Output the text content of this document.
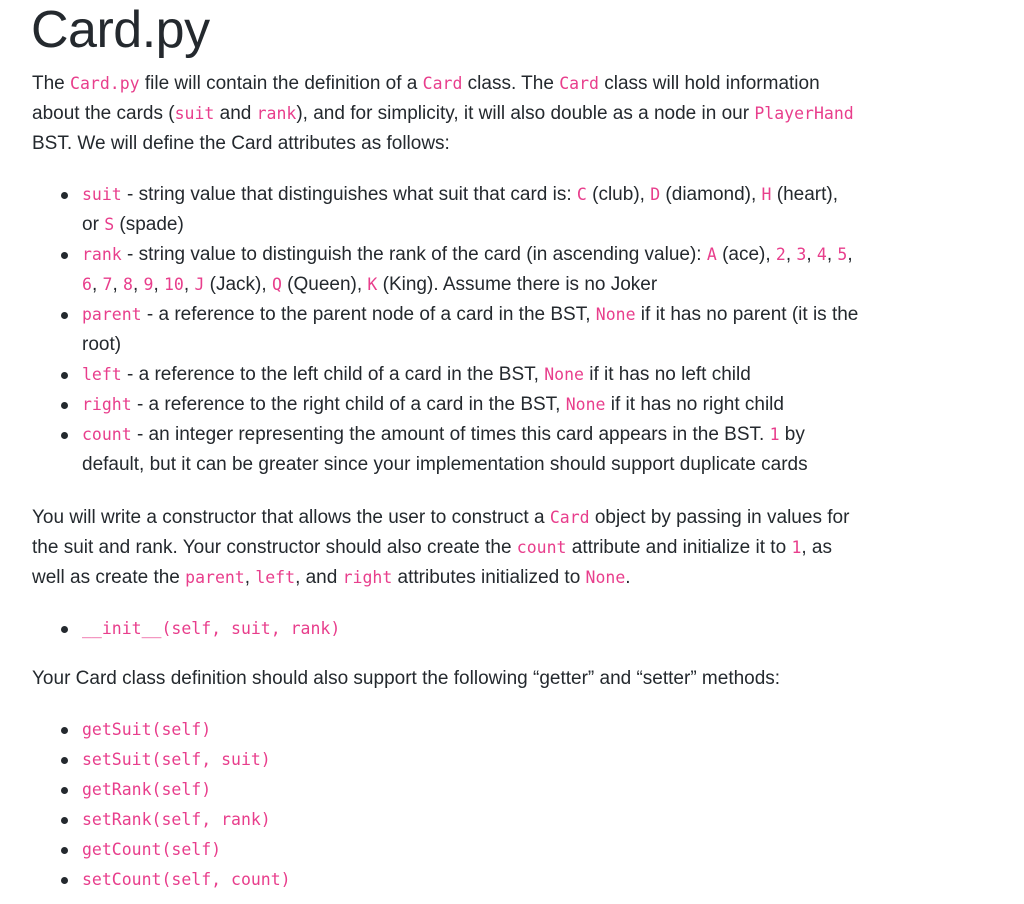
Card.py
The Card.py file will contain the definition of a Card class. The Card class will hold information
about the cards (suit and rank), and for simplicity, it will also double as a node in our PlayerHand
BST. We will define the Card attributes as follows:
suit - string value that distinguishes what suit that card is: C (club), D (diamond), H (heart),
or S (spade)
rank - string value to distinguish the rank of the card (in ascending value): A (ace), 2, 3, 4, 5,
6, 7, 8, 9, 10, J (Jack), Q (Queen), K (King). Assume there is no Joker
parent - a reference to the parent node of a card in the BST, None if it has no parent (it is the
root)
left - a reference to the left child of a card in the BST, None if it has no left child
right - a reference to the right child of a card in the BST, None if it has no right child
count - an integer representing the amount of times this card appears in the BST. 1 by
default, but it can be greater since your implementation should support duplicate cards
You will write a constructor that allows the user to construct a Card object by passing in values for
the suit and rank. Your constructor should also create the count attribute and initialize it to 1, as
well as create the parent, left, and right attributes initialized to None.
__init__(self, suit, rank)
Your Card class definition should also support the following “getter” and “setter” methods:
getSuit(self)
setSuit(self, suit)
getRank(self)
setRank(self, rank)
getCount(self)
setCount(self, count)
